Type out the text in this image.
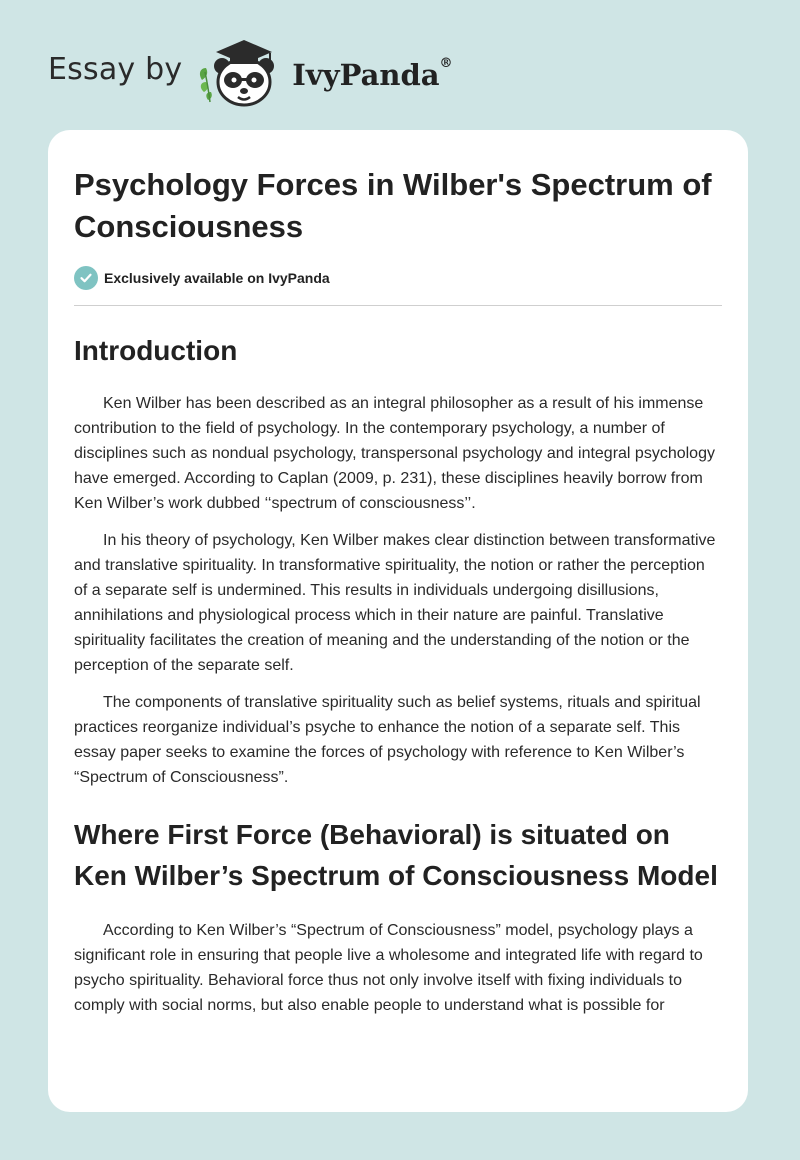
Essay by	IvyPanda®
Psychology Forces in Wilber's Spectrum of Consciousness
Exclusively available on IvyPanda
Introduction

Ken Wilber has been described as an integral philosopher as a result of his immense contribution to the field of psychology. In the contemporary psychology, a number of disciplines such as nondual psychology, transpersonal psychology and integral psychology have emerged. According to Caplan (2009, p. 231), these disciplines heavily borrow from Ken Wilber’s work dubbed ‘‘spectrum of consciousness’’.

In his theory of psychology, Ken Wilber makes clear distinction between transformative and translative spirituality. In transformative spirituality, the notion or rather the perception of a separate self is undermined. This results in individuals undergoing disillusions, annihilations and physiological process which in their nature are painful. Translative spirituality facilitates the creation of meaning and the understanding of the notion or the perception of the separate self.

The components of translative spirituality such as belief systems, rituals and spiritual practices reorganize individual’s psyche to enhance the notion of a separate self. This essay paper seeks to examine the forces of psychology with reference to Ken Wilber’s “Spectrum of Consciousness”.

Where First Force (Behavioral) is situated on Ken Wilber’s Spectrum of Consciousness Model

According to Ken Wilber’s “Spectrum of Consciousness” model, psychology plays a significant role in ensuring that people live a wholesome and integrated life with regard to psycho spirituality. Behavioral force thus not only involve itself with fixing individuals to comply with social norms, but also enable people to understand what is possible for
